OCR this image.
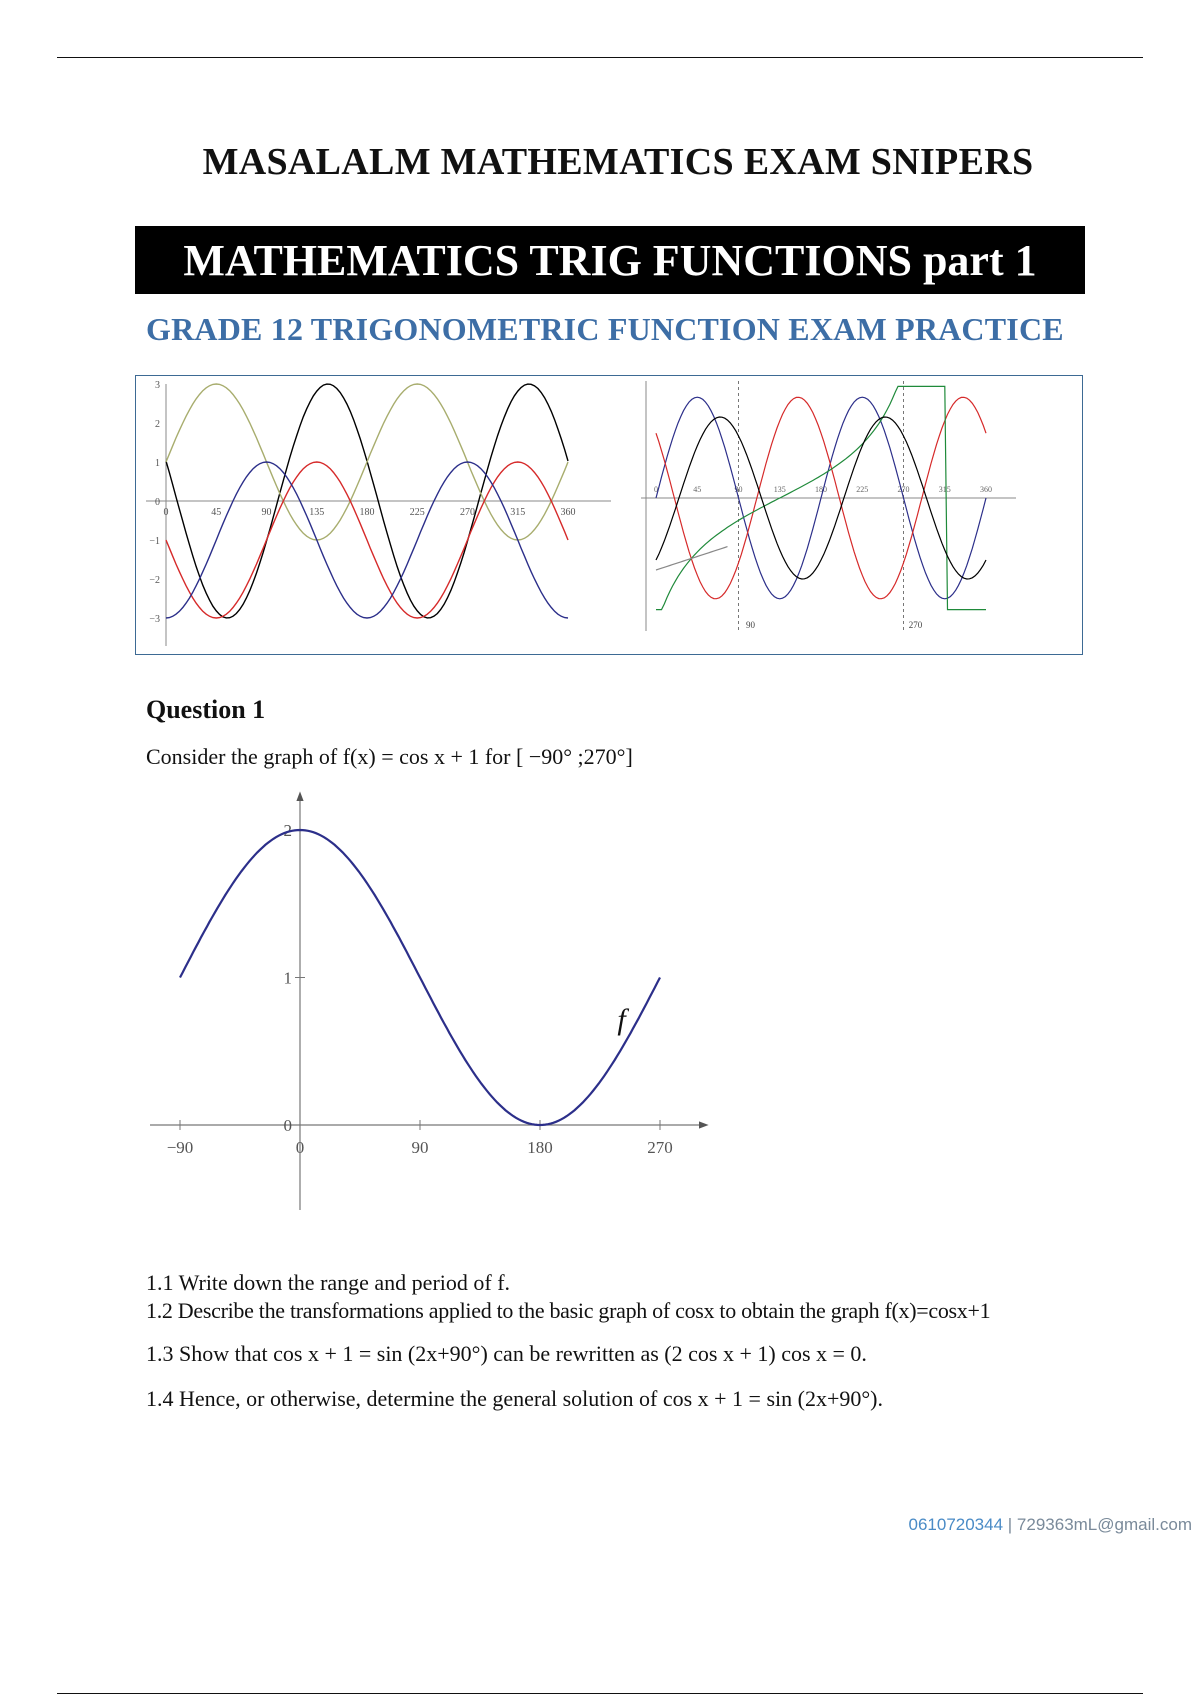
MASALALM MATHEMATICS EXAM SNIPERS
MATHEMATICS TRIG FUNCTIONS part 1
GRADE 12 TRIGONOMETRIC FUNCTION EXAM PRACTICE
0	45	90	135	180	225	270	315	360
3
2
1
0
−1
−2
−3	90	270
0	45	90	135	180	225	270	315	360
Question 1
Consider the graph of f(x) = cos x + 1 for [ −90° ;270°]
−90	0	90	180	270
2
1
0
f
1.1 Write down the range and period of f.
1.2 Describe the transformations applied to the basic graph of cosx to obtain the graph f(x)=cosx+1
1.3 Show that cos x + 1 = sin (2x+90°) can be rewritten as (2 cos x + 1) cos x = 0.
1.4 Hence, or otherwise, determine the general solution of cos x + 1 = sin (2x+90°).
0610720344 | 729363mL@gmail.com
